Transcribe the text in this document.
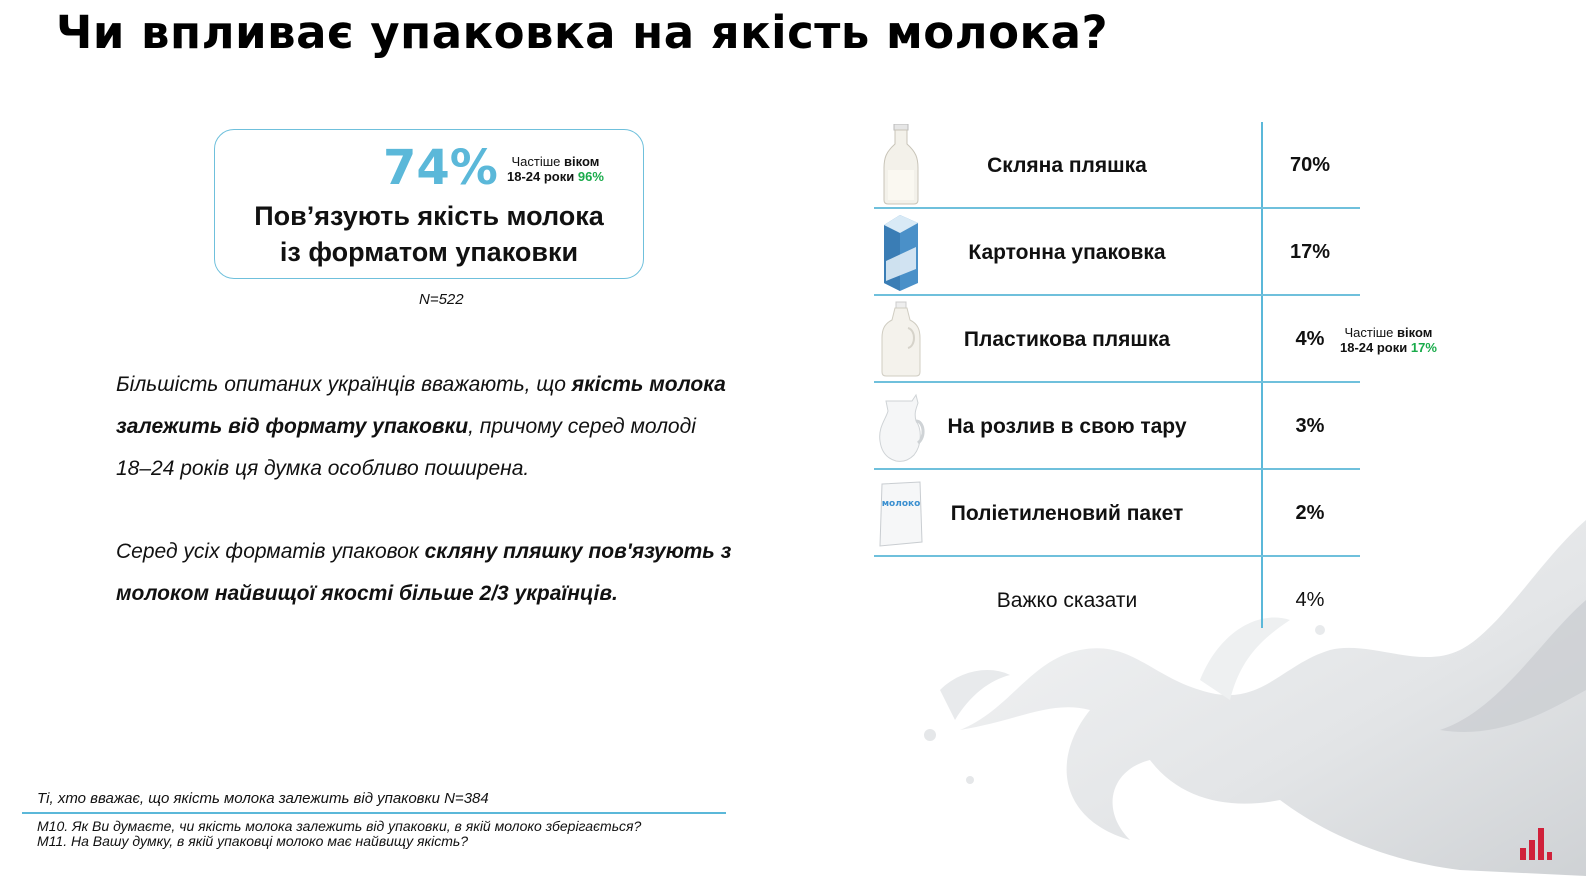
Чи впливає упаковка на якість молока?
74%	Частіше віком
18-24 роки 96%
Пов’язують якість молока
із форматом упаковки
N=522
Більшість опитаних українців вважають, що якість молока залежить від формату упаковки, причому серед молоді 18–24 років ця думка особливо поширена.
Серед усіх форматів упаковок скляну пляшку пов'язують з молоком найвищої якості більше 2/3 українців.
Ті, хто вважає, що якість молока залежить від упаковки N=384
М10. Як Ви думаєте, чи якість молока залежить від упаковки, в якій молоко зберігається?
М11. На Вашу думку, в якій упаковці молоко має найвищу якість?
Скляна пляшка	70%
Картонна упаковка	17%
Пластикова пляшка	4%
На розлив в свою тару	3%
молоко	Поліетиленовий пакет	2%
Важко сказати	4%
Частіше віком
18-24 роки 17%
